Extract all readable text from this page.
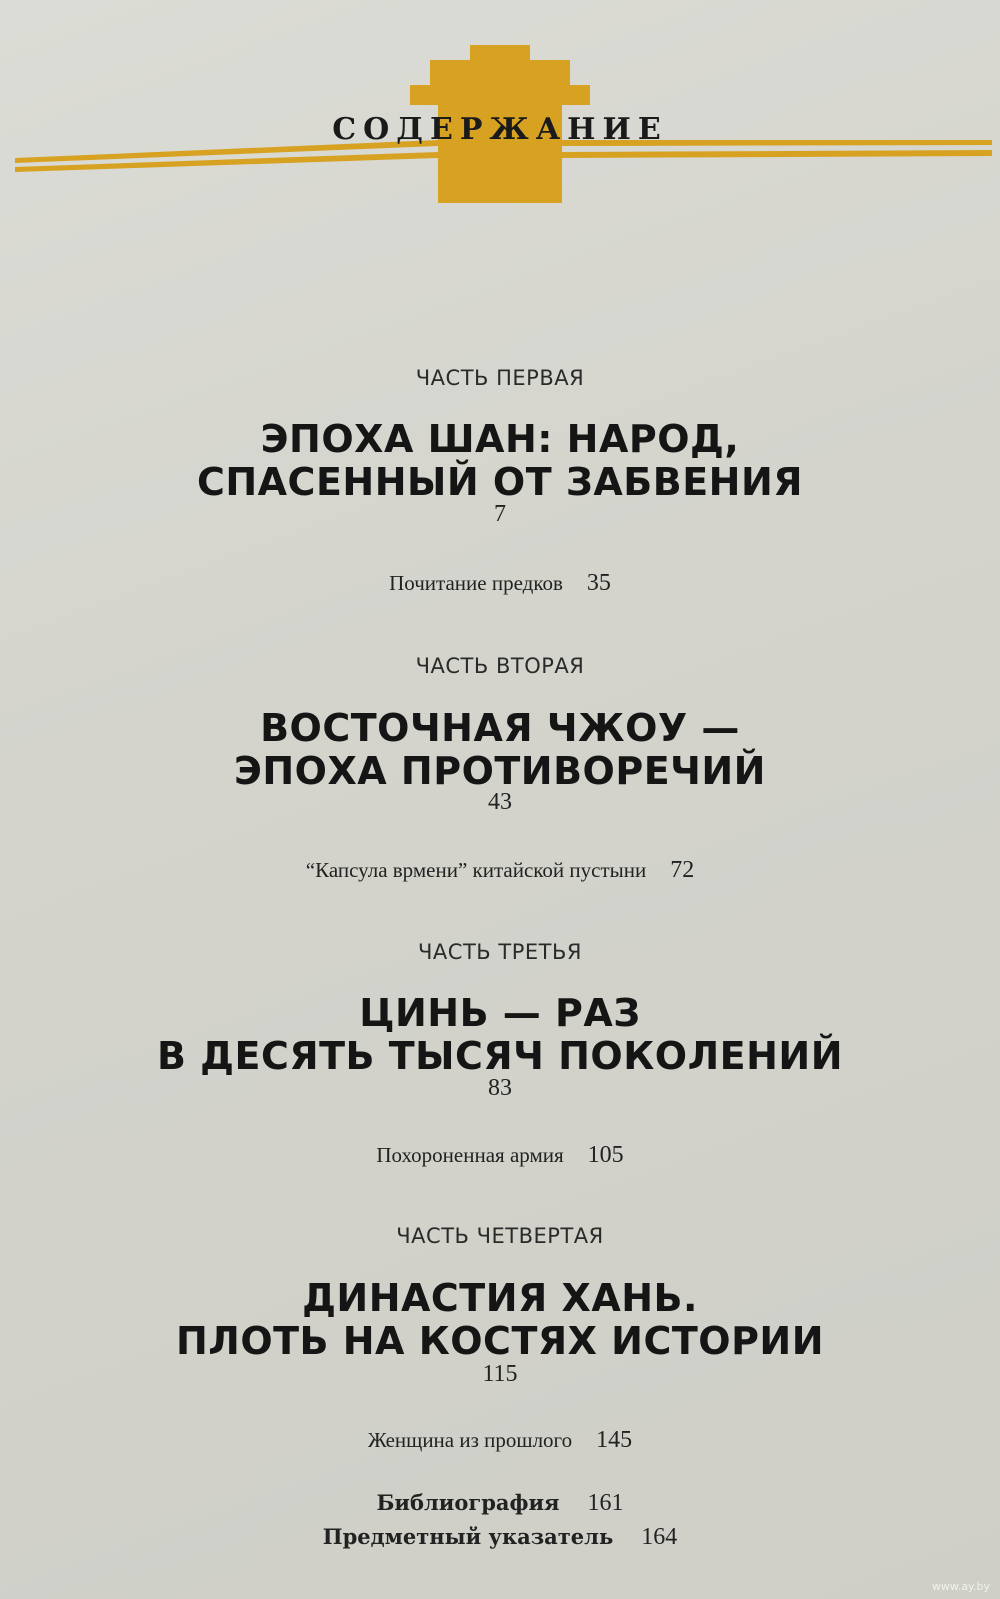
СОДЕРЖАНИЕ
ЧАСТЬ ПЕРВАЯ
ЭПОХА ШАН: НАРОД,
СПАСЕННЫЙ ОТ ЗАБВЕНИЯ
7
Почитание предков 35
ЧАСТЬ ВТОРАЯ
ВОСТОЧНАЯ ЧЖОУ —
ЭПОХА ПРОТИВОРЕЧИЙ
43
“Капсула врмени” китайской пустыни 72
ЧАСТЬ ТРЕТЬЯ
ЦИНЬ — РАЗ
В ДЕСЯТЬ ТЫСЯЧ ПОКОЛЕНИЙ
83
Похороненная армия 105
ЧАСТЬ ЧЕТВЕРТАЯ
ДИНАСТИЯ ХАНЬ.
ПЛОТЬ НА КОСТЯХ ИСТОРИИ
115
Женщина из прошлого 145
Библиография 161
Предметный указатель 164
www.ay.by
